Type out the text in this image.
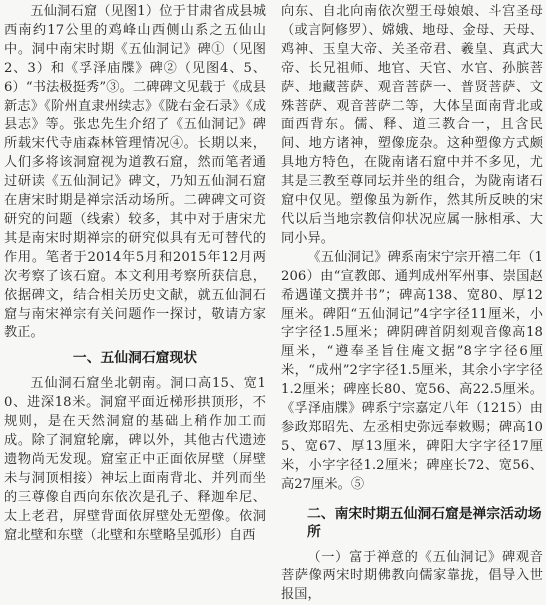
五仙洞石窟（见图1）位于甘肃省成县城西南约17公里的鸡峰山西侧山系之五仙山中。洞中南宋时期《五仙洞记》碑①（见图2、3）和《孚泽庙牒》碑②（见图4、5、6）“书法极挺秀”③。二碑碑文见载于《成县新志》《阶州直隶州续志》《陇右金石录》《成县志》等。张忠先生介绍了《五仙洞记》碑所载宋代寺庙森林管理情况④。长期以来，人们多将该洞窟视为道教石窟，然而笔者通过研读《五仙洞记》碑文，乃知五仙洞石窟在唐宋时期是禅宗活动场所。二碑碑文可资研究的问题（线索）较多，其中对于唐宋尤其是南宋时期禅宗的研究似具有无可替代的作用。笔者于2014年5月和2015年12月两次考察了该石窟。本文利用考察所获信息，依据碑文，结合相关历史文献，就五仙洞石窟与南宋禅宗有关问题作一探讨，敬请方家教正。

一、五仙洞石窟现状

五仙洞石窟坐北朝南。洞口高15、宽10、进深18米。洞窟平面近梯形拱顶形，不规则，是在天然洞窟的基础上稍作加工而成。除了洞窟轮廓，碑以外，其他古代遗迹遗物尚无发现。窟室正中正面依屏壁（屏壁未与洞顶相接）神坛上面南背北、并列而坐的三尊像自西向东依次是孔子、释迦牟尼、太上老君，屏壁背面依屏壁处无塑像。依洞窟北壁和东壁（北壁和东壁略呈弧形）自西

向东、自北向南依次塑王母娘娘、斗宫圣母（或言阿修罗）、嫦娥、地母、金母、天母、鸡神、玉皇大帝、关圣帝君、羲皇、真武大帝、长兄祖师、地官、天官、水官、孙膑菩萨、地藏菩萨、观音菩萨一、普贤菩萨、文殊菩萨、观音菩萨二等，大体呈面南背北或面西背东。儒、释、道三教合一，且含民间、地方诸神，塑像庞杂。这种塑像方式颇具地方特色，在陇南诸石窟中并不多见，尤其是三教至尊同坛并坐的组合，为陇南诸石窟中仅见。塑像虽为新作，然其所反映的宋代以后当地宗教信仰状况应属一脉相承、大同小异。

《五仙洞记》碑系南宋宁宗开禧二年（1206）由“宣教郎、通判成州军州事、崇国赵希遇谨文撰并书”；碑高138、宽80、厚12厘米。碑阳“五仙洞记”4字字径11厘米，小字字径1.5厘米；碑阴碑首阴刻观音像高18厘米，“遵奉圣旨住庵文据”8字字径6厘米，“成州”2字字径1.5厘米，其余小字字径1.2厘米；碑座长80、宽56、高22.5厘米。《孚泽庙牒》碑系宁宗嘉定八年（1215）由参政郑昭先、左丞相史弥远奉敕赐；碑高105、宽67、厚13厘米，碑阳大字字径17厘米，小字字径1.2厘米；碑座长72、宽56、高27厘米。⑤

二、南宋时期五仙洞石窟是禅宗活动场所

（一）富于禅意的《五仙洞记》碑观音菩萨像两宋时期佛教向儒家靠拢，倡导入世报国，
